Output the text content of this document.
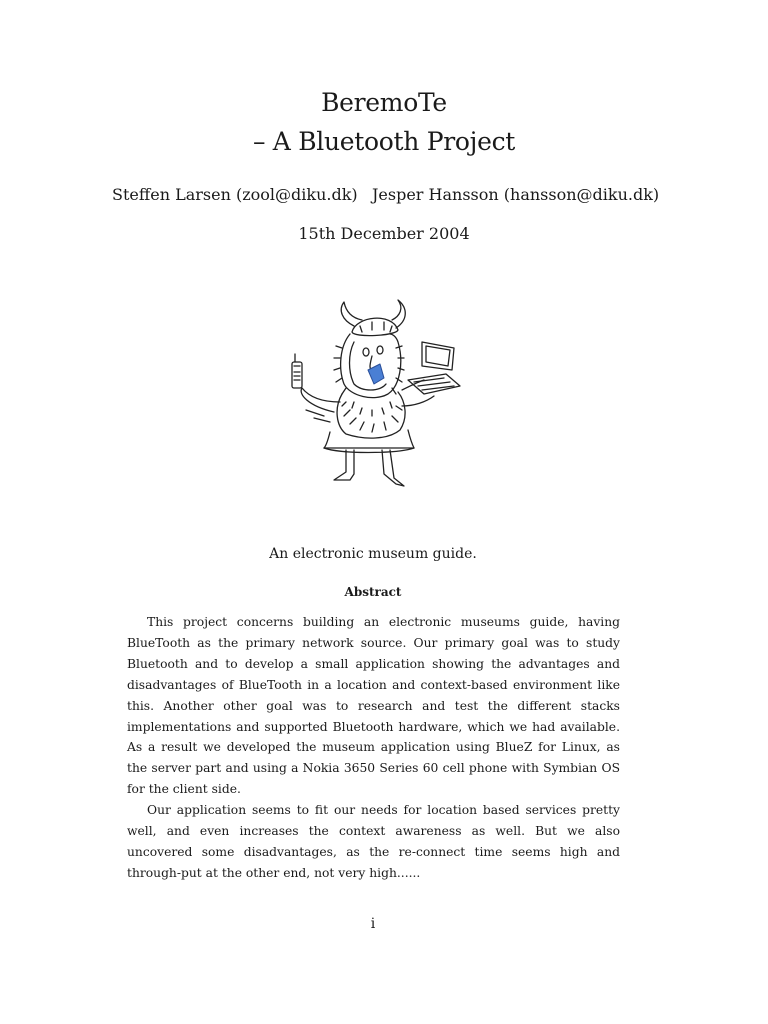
BeremoTe
– A Bluetooth Project
Steffen Larsen (zool@diku.dk) Jesper Hansson (hansson@diku.dk)
15th December 2004
An electronic museum guide.
Abstract

This project concerns building an electronic museums guide, having BlueTooth as the primary network source. Our primary goal was to study Bluetooth and to develop a small application showing the advantages and disadvantages of BlueTooth in a location and context-based environment like this. Another other goal was to research and test the different stacks implementations and supported Bluetooth hardware, which we had available. As a result we developed the museum application using BlueZ for Linux, as the server part and using a Nokia 3650 Series 60 cell phone with Symbian OS for the client side.

Our application seems to fit our needs for location based services pretty well, and even increases the context awareness as well. But we also uncovered some disadvantages, as the re-connect time seems high and through-put at the other end, not very high......

i
